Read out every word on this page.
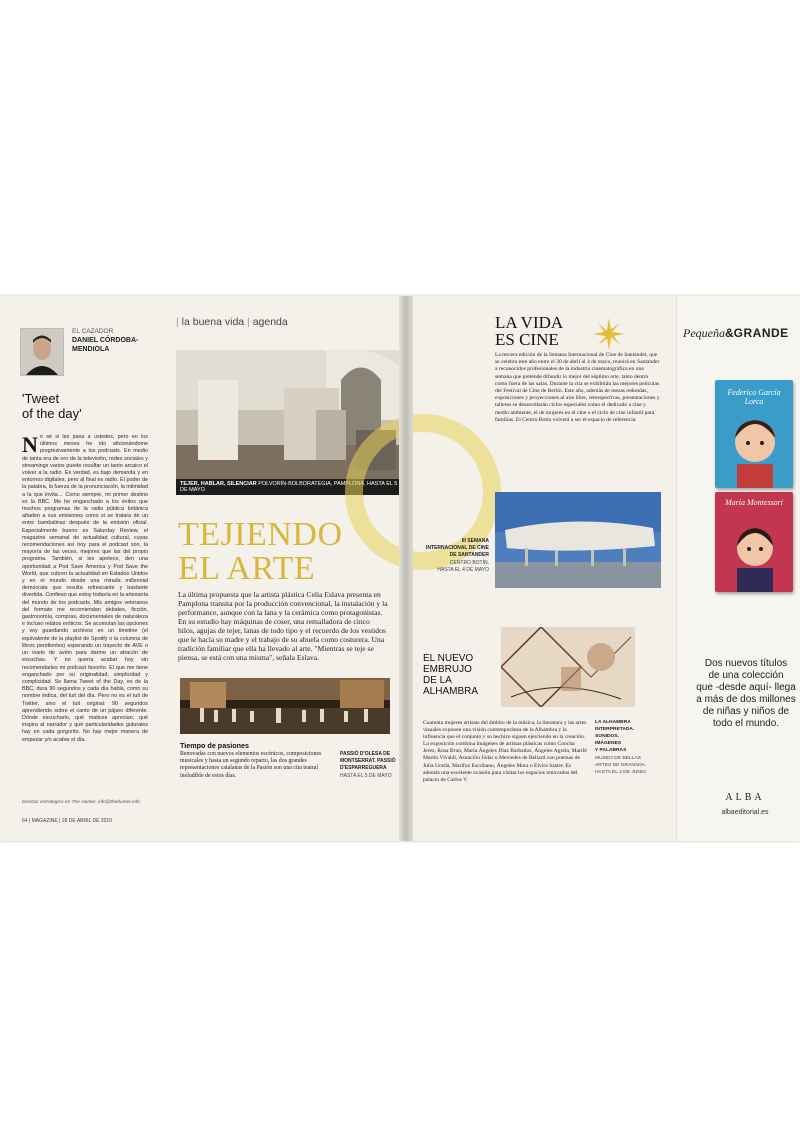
| la buena vida | agenda
EL CAZADOR
DANIEL CÓRDOBA-
MENDIOLA
'Tweet
of the day'
N o sé si les pasa a ustedes, pero en los últimos meses he ido aficionándome progresivamente a los podcasts. En medio de tanta era de oro de la televisión, redes sociales y streamings varios puede resultar un tanto arcaico el volver a la radio. Es verdad, es bajo demanda y en entornos digitales, pero al final es radio. El poder de la palabra, la fuerza de la pronunciación, la intimidad a la que invita… Como siempre, mi primer destino es la BBC. Me he enganchado a los éxitos que muchos programas de la radio pública británica añaden a sus emisiones como si se tratara de un entre bambalinas después de la emisión oficial. Especialmente bueno es Saturday Review, el magazine semanal de actualidad cultural, cuyas recomendaciones así hoy para el podcast son, la mayoría de las veces, mejores que las del propio programa. También, si les apetece, den una oportunidad a Pod Save America y Pod Save the World, que cubren la actualidad en Estados Unidos y en el mundo desde una mirada millennial demócrata que resulta refrescante y bastante divertida. Confieso que estoy todavía en la artesanía del mundo de los podcasts. Mis amigos veteranos del formato me recomiendan debates, ficción, gastronomía, compras, documentales de naturaleza e incluso relatos eróticos. Se acumulan las opciones y voy guardando archivos en un timeline (el equivalente de la playlist de Spotify o la columna de libros pendientes) esperando un trayecto de AVE o un vuelo de avión para darme un atracón de escuchas. Y no quería acabar hoy sin recomendarles mi podcast favorito. El que me tiene enganchado por su originalidad, simplicidad y complicidad. Se llama Tweet of the Day, es de la BBC, dura 90 segundos y cada día habla, como su nombre indica, del tuit del día. Pero no es el tuit de Twitter, sino el tuit original: 90 segundos aprendiendo sobre el canto de un pájaro diferente. Dónde escucharlo, qué matices aprecian, qué inspira al narrador y qué particularidades guturales hay en cada gorgorito. No hay mejor manera de empezar y/o acabar el día.
Director estratégico en The Hunter. info@thehunter.info
64 | MAGAZINE | 28 DE ABRIL DE 2019
TEJER, HABLAR, SILENCIAR POLVORÍN-BOLBORATEGIA, PAMPLONA. HASTA EL 5 DE MAYO
TEJIENDO
EL ARTE
La última propuesta que la artista plástica Celia Eslava presenta en Pamplona transita por la producción convencional, la instalación y la performance, aunque con la lana y la cerámica como protagonistas. En su estudio hay máquinas de coser, una remalladora de cinco hilos, agujas de tejer, lanas de todo tipo y el recuerdo de los vestidos que le hacía su madre y el trabajo de su abuela como costurera. Una tradición familiar que ella ha llevado al arte. "Mientras se teje se piensa, se está con una misma", señala Eslava.
Tiempo de pasiones
Renovadas con nuevos elementos escénicos, composiciones musicales y hasta un segundo reparto, las dos grandes representaciones catalanas de la Pasión son una cita teatral ineludible de estos días.
PASSIÓ D'OLESA DE
MONTSERRAT. PASSIÓ
D'ESPARREGUERA
HASTA EL 5 DE MAYO
LA VIDA
ES CINE
La tercera edición de la Semana Internacional de Cine de Santander, que se celebra este año entre el 30 de abril al 4 de mayo, reunirá en Santander a reconocidos profesionales de la industria cinematográfica en una semana que pretende difundir lo mejor del séptimo arte, tanto dentro como fuera de las salas. Durante la cita se exhibirán las mejores películas del Festival de Cine de Berlín. Este año, además de mesas redondas, exposiciones y proyecciones al aire libre, retrospectivas, presentaciones y talleres se desarrollarán ciclos especiales como el dedicado a cine y medio ambiente, el de mujeres en el cine o el ciclo de cine infantil para familias. El Centro Botín volverá a ser el espacio de referencia.
III SEMANA
INTERNACIONAL DE CINE
DE SANTANDER
CENTRO BOTÍN.
HASTA EL 4 DE MAYO
EL NUEVO
EMBRUJO
DE LA
ALHAMBRA
Cuarenta mujeres artistas del ámbito de la música, la literatura y las artes visuales exponen una visión contemporánea de la Alhambra y la influencia que el conjunto y su hechizo siguen ejerciendo en la creación. La exposición combina imágenes de artistas plásticas como Concha Jerez, Rosa Brun, María Ángeles Díaz Barbados, Ángeles Agrela, Marifé Martín Vivaldi, Asunción Jódar o Mercedes de Bellard con poemas de Julia Uceda, Marifuz Escribano, Ángeles Mora o Elvira Sastre. Es además una excelente ocasión para visitar los espacios renovados del palacio de Carlos V.
LA ALHAMBRA
INTERPRETADA.
SONIDOS,
IMÁGENES
Y PALABRAS
MUSEO DE BELLAS
ARTES DE GRANADA.
HASTA EL 2 DE JUNIO
Pequeña&GRANDE
Federico García Lorca
María Montessori
Dos nuevos títulos
de una colección
que -desde aquí- llega
a más de dos millones
de niñas y niños de
todo el mundo.
ALBA
albaeditorial.es
